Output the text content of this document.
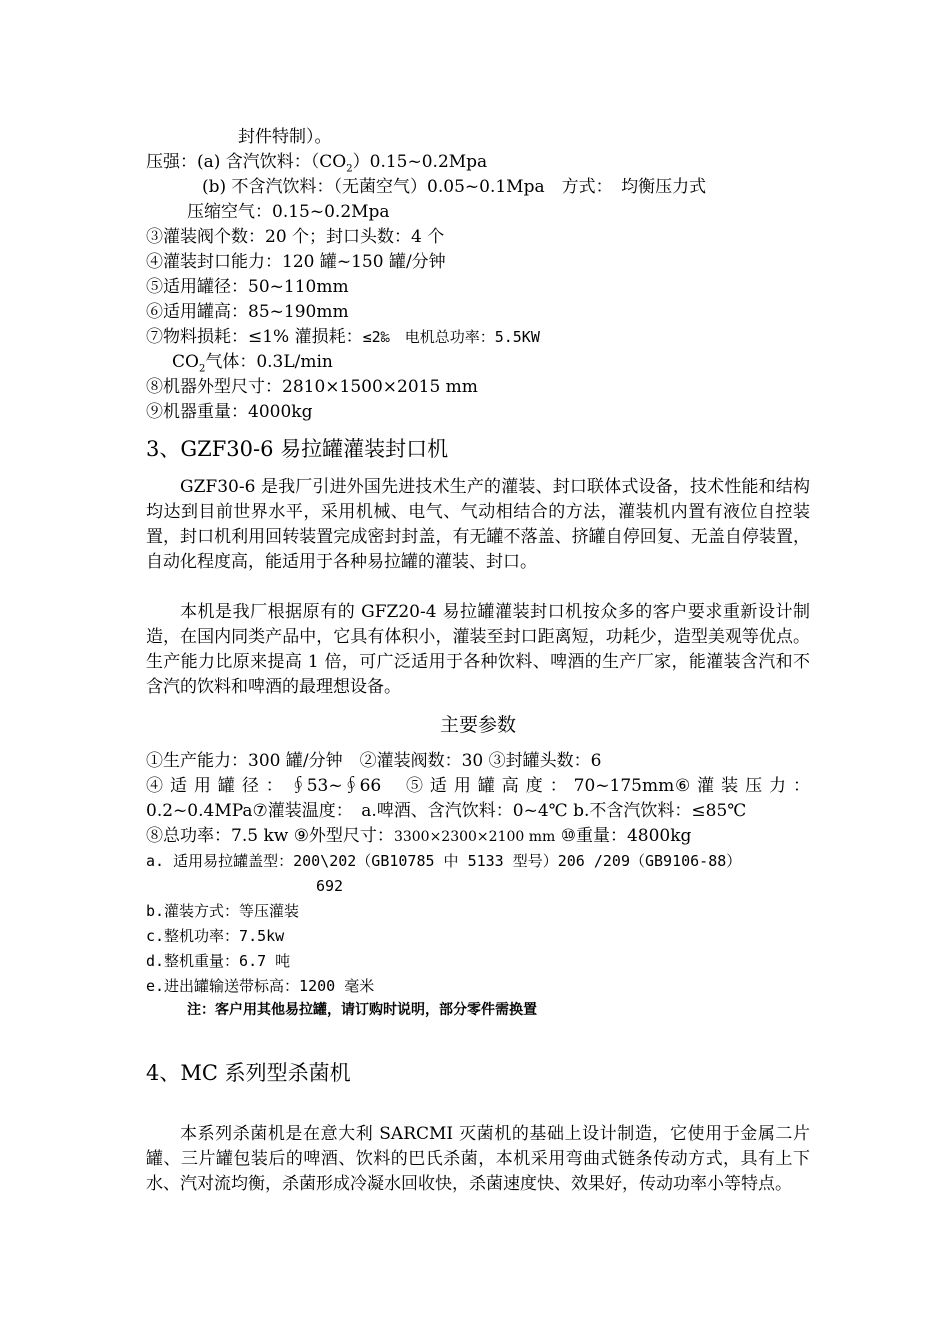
封件特制）。
压强：(a) 含汽饮料：$(CO_2)0.15\sim 0.2Mpa$
(b) 不含汽饮料：（无菌空气）0.05~0.1Mpa　方式：　均衡压力式
压缩空气：0.15~0.2Mpa
③灌装阀个数：20 个；封口头数：4 个
④灌装封口能力：120 罐~150 罐/分钟
⑤适用罐径：50~110mm
⑥适用罐高：85~190mm
⑦物料损耗：≤1% 灌损耗：≤2‰　电机总功率：5.5KW
$CO_2$气体：0.3L/min
⑧机器外型尺寸：2810×1500×2015 mm
⑨机器重量：4000kg
3、GZF30-6 易拉罐灌装封口机

GZF30-6 是我厂引进外国先进技术生产的灌装、封口联体式设备，技术性能和结构均达到目前世界水平，采用机械、电气、气动相结合的方法，灌装机内置有液位自控装置，封口机利用回转装置完成密封封盖，有无罐不落盖、挤罐自停回复、无盖自停装置，自动化程度高，能适用于各种易拉罐的灌装、封口。

本机是我厂根据原有的 GFZ20-4 易拉罐灌装封口机按众多的客户要求重新设计制造，在国内同类产品中，它具有体积小，灌装至封口距离短，功耗少，造型美观等优点。生产能力比原来提高 1 倍，可广泛适用于各种饮料、啤酒的生产厂家，能灌装含汽和不含汽的饮料和啤酒的最理想设备。

主要参数
①生产能力：300 罐/分钟　②灌装阀数：30 ③封罐头数：6
④ 适 用 罐 径 ： ∮53~∮66　 ⑤ 适 用 罐 高 度 ： 70~175mm⑥ 灌 装 压 力 ：
0.2~0.4MPa⑦灌装温度：　a.啤酒、含汽饮料：0~4℃ b.不含汽饮料：≤85℃
⑧总功率：7.5 kw ⑨外型尺寸：3300×2300×2100 mm ⑩重量：4800kg
a. 适用易拉罐盖型：200\202（GB10785 中 5133 型号）206 /209（GB9106-88）
692
b.灌装方式：等压灌装
c.整机功率：7.5kw
d.整机重量：6.7 吨
e.进出罐输送带标高：1200 毫米
注：客户用其他易拉罐，请订购时说明，部分零件需换置
4、MC 系列型杀菌机

本系列杀菌机是在意大利 SARCMI 灭菌机的基础上设计制造，它使用于金属二片罐、三片罐包装后的啤酒、饮料的巴氏杀菌，本机采用弯曲式链条传动方式，具有上下水、汽对流均衡，杀菌形成冷凝水回收快，杀菌速度快、效果好，传动功率小等特点。
